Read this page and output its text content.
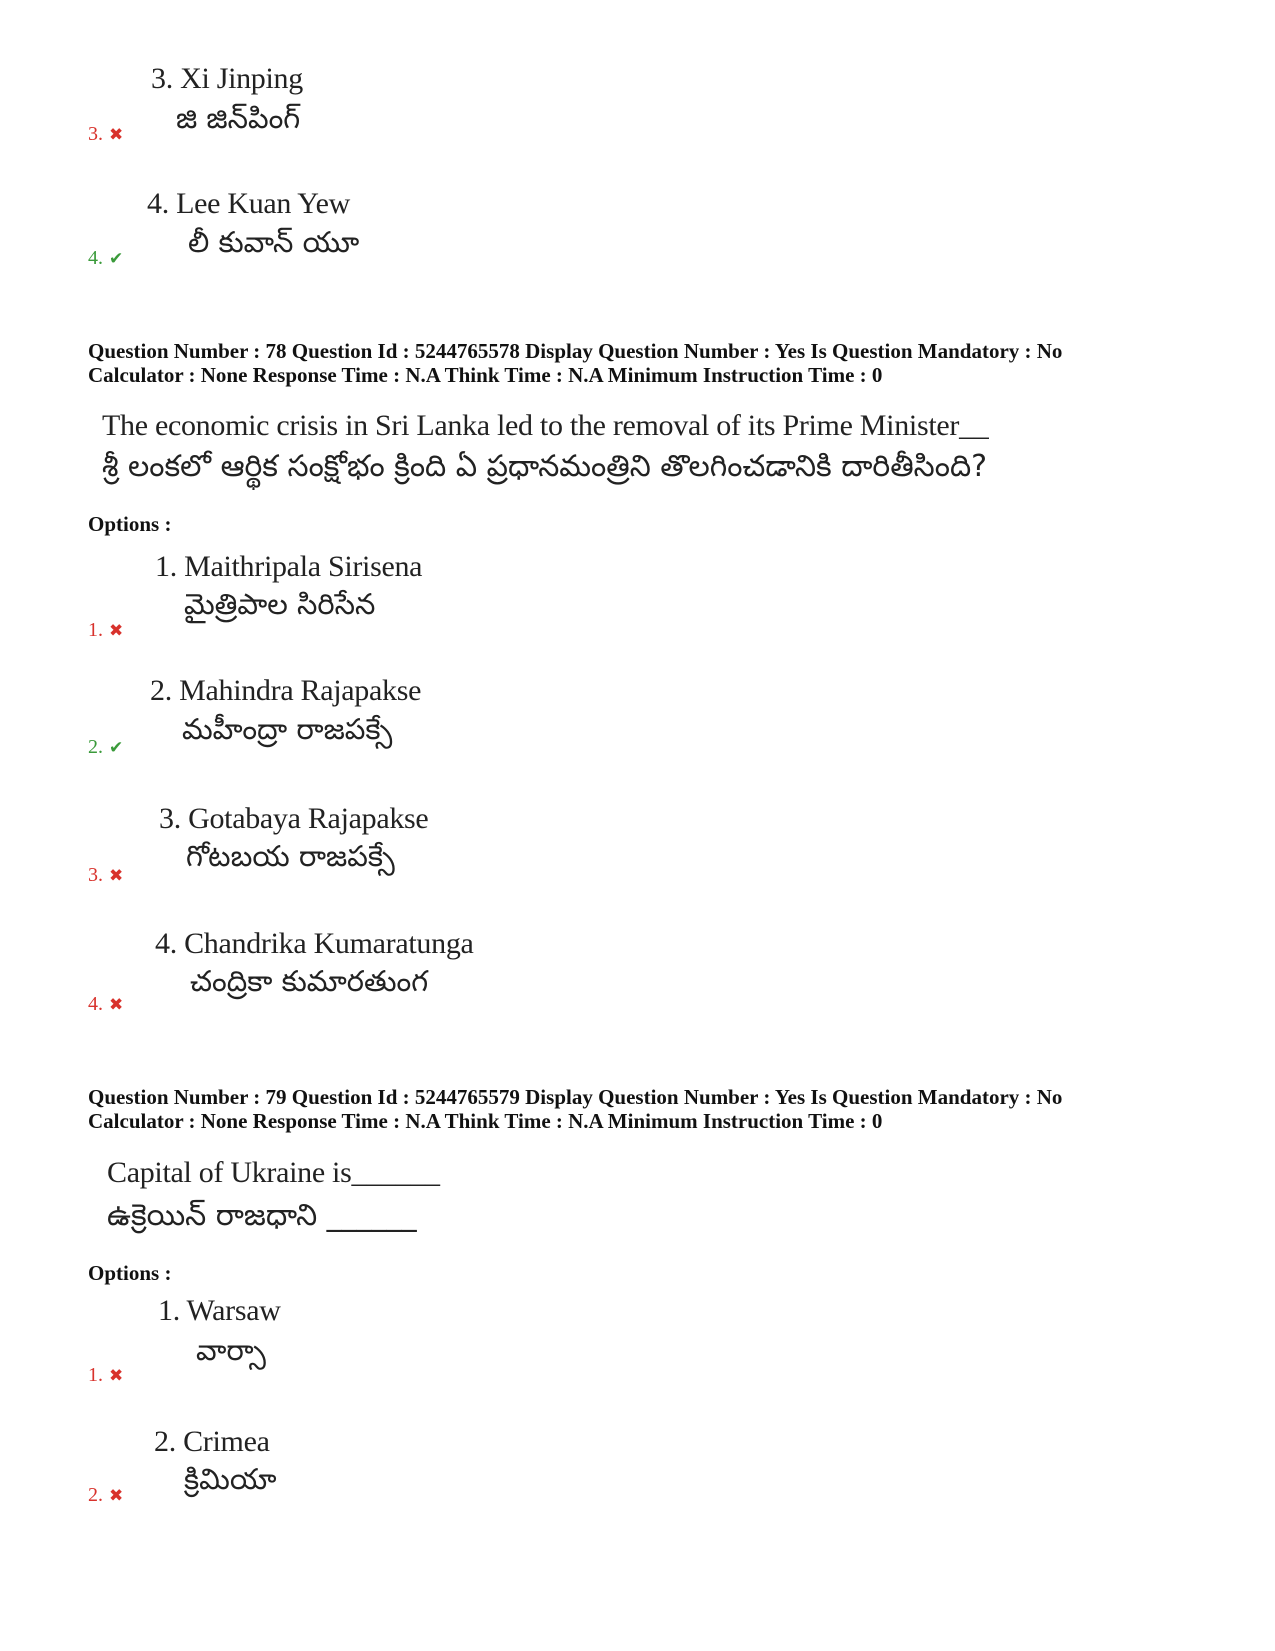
3. Xi Jinping
జి జిన్‌పింగ్
3. ✖
4. Lee Kuan Yew
లీ కువాన్ యూ
4. ✔
Question Number : 78 Question Id : 5244765578 Display Question Number : Yes Is Question Mandatory : No
Calculator : None Response Time : N.A Think Time : N.A Minimum Instruction Time : 0
The economic crisis in Sri Lanka led to the removal of its Prime Minister__
శ్రీ లంకలో ఆర్థిక సంక్షోభం క్రింది ఏ ప్రధానమంత్రిని తొలగించడానికి దారితీసింది?
Options :
1. Maithripala Sirisena
మైత్రిపాల సిరిసేన
1. ✖
2. Mahindra Rajapakse
మహీంద్రా రాజపక్సే
2. ✔
3. Gotabaya Rajapakse
గోటబయ రాజపక్సే
3. ✖
4. Chandrika Kumaratunga
చంద్రికా కుమారతుంగ
4. ✖
Question Number : 79 Question Id : 5244765579 Display Question Number : Yes Is Question Mandatory : No
Calculator : None Response Time : N.A Think Time : N.A Minimum Instruction Time : 0
Capital of Ukraine is______
ఉక్రెయిన్ రాజధాని ______
Options :
1. Warsaw
వార్సా
1. ✖
2. Crimea
క్రిమియా
2. ✖
